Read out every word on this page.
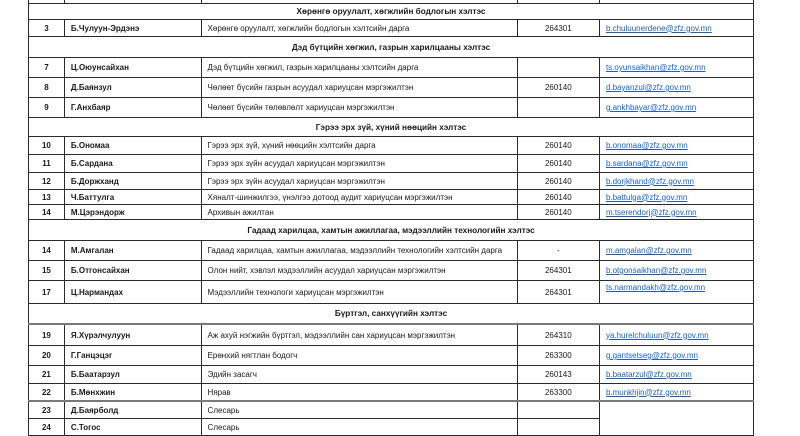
Хөрөнгө оруулалт, хөгжлийн бодлогын хэлтэс				
3	Б.Чулуун-Эрдэнэ	Хөрөнгө оруулалт, хөгжлийн бодлогын хэлтсийн дарга	264301	b.chuluunerdene@zfz.gov.mn
Дэд бүтцийн хөгжил, газрын харилцааны хэлтэс				
7	Ц.Оюунсайхан	Дэд бүтцийн хөгжил, газрын харилцааны хэлтсийн дарга		ts.oyunsaikhan@zfz.gov.mn
8	Д.Баянзул	Чөлөөт бүсийн газрын асуудал хариуцсан мэргэжилтэн	260140	d.bayanzul@zfz.gov.mn
9	Г.Анхбаяр	Чөлөөт бүсийн төлөвлөлт хариуцсан мэргэжилтэн		g.ankhbayar@zfz.gov.mn
Гэрээ эрх зүй, хүний нөөцийн хэлтэс				
10	Б.Ономаа	Гэрээ эрх зүй, хүний нөөцийн хэлтсийн дарга	260140	b.onomaa@zfz.gov.mn
11	Б.Сардана	Гэрээ эрх зүйн асуудал хариуцсан мэргэжилтэн	260140	b.sardana@zfz.gov.mn
12	Б.Доржханд	Гэрээ эрх зүйн асуудал хариуцсан мэргэжилтэн	260140	b.dorjkhand@zfz.gov.mn
13	Ч.Баттулга	Хяналт-шинжилгээ, үнэлгээ дотоод аудит хариуцсан мэргэжилтэн	260140	b.battulga@zfz.gov.mn
14	М.Цэрэндорж	Архивын ажилтан	260140	m.tserendorj@zfz.gov.mn
Гадаад харилцаа, хамтын ажиллагаа, мэдээллийн технологийн хэлтэс				
14	М.Амгалан	Гадаад харилцаа, хамтын ажиллагаа, мэдээллийн технологийн хэлтсийн дарга	-	m.amgalan@zfz.gov.mn
15	Б.Отгонсайхан	Олон нийт, хэвлэл мэдээллийн асуудал хариуцсан мэргэжилтэн	264301	b.otgonsaikhan@zfz.gov.mn
17	Ц.Нармандах	Мэдээллийн технологи хариуцсан мэргэжилтэн	264301	ts.narmandakh@zfz.gov.mn
Бүртгэл, санхүүгийн хэлтэс				
19	Я.Хүрэлчулуун	Аж ахуй нэгжийн бүртгэл, мэдээллийн сан хариуцсан мэргэжилтэн	264310	ya.hurelchuluun@zfz.gov.mn
20	Г.Ганцэцэг	Ерөнхий нягтлан бодогч	263300	g.gantsetseg@zfz.gov.mn
21	Б.Баатарзул	Эдийн засагч	260143	b.baatarzul@zfz.gov.mn
22	Б.Мөнхжин	Нярав	263300	b.munkhjin@zfz.gov.mn
23	Д.Баярболд	Слесарь		
24	С.Тогос	Слесарь		
